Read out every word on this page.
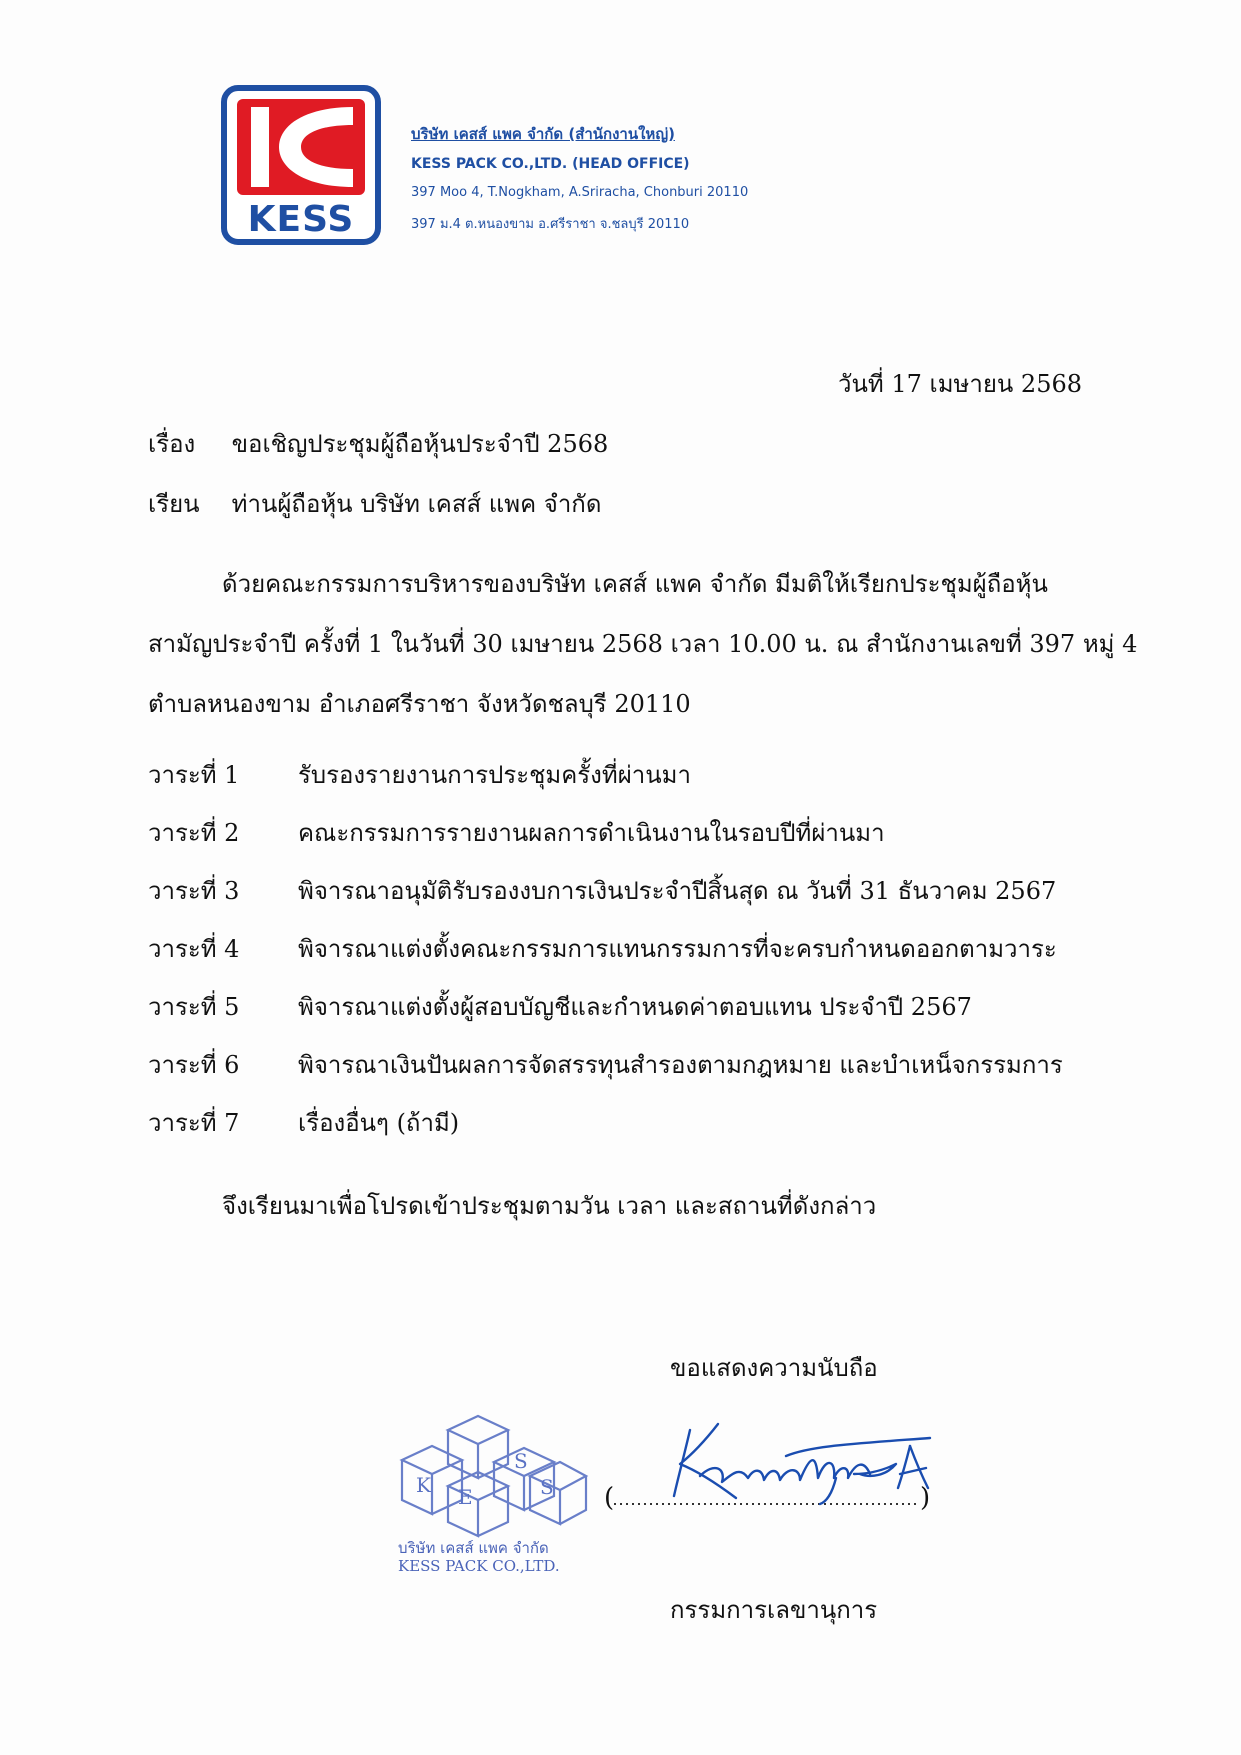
KESS
บริษัท เคสส์ แพค จำกัด (สำนักงานใหญ่)
KESS PACK CO.,LTD. (HEAD OFFICE)
397 Moo 4, T.Nogkham, A.Sriracha, Chonburi 20110
397 ม.4 ต.หนองขาม อ.ศรีราชา จ.ชลบุรี 20110
วันที่ 17 เมษายน 2568
เรื่อง ขอเชิญประชุมผู้ถือหุ้นประจำปี 2568
เรียน ท่านผู้ถือหุ้น บริษัท เคสส์ แพค จำกัด
ด้วยคณะกรรมการบริหารของบริษัท เคสส์ แพค จำกัด มีมติให้เรียกประชุมผู้ถือหุ้น
สามัญประจำปี ครั้งที่ 1 ในวันที่ 30 เมษายน 2568 เวลา 10.00 น. ณ สำนักงานเลขที่ 397 หมู่ 4
ตำบลหนองขาม อำเภอศรีราชา จังหวัดชลบุรี 20110
วาระที่ 1 รับรองรายงานการประชุมครั้งที่ผ่านมา
วาระที่ 2 คณะกรรมการรายงานผลการดำเนินงานในรอบปีที่ผ่านมา
วาระที่ 3 พิจารณาอนุมัติรับรองงบการเงินประจำปีสิ้นสุด ณ วันที่ 31 ธันวาคม 2567
วาระที่ 4 พิจารณาแต่งตั้งคณะกรรมการแทนกรรมการที่จะครบกำหนดออกตามวาระ
วาระที่ 5 พิจารณาแต่งตั้งผู้สอบบัญชีและกำหนดค่าตอบแทน ประจำปี 2567
วาระที่ 6 พิจารณาเงินปันผลการจัดสรรทุนสำรองตามกฎหมาย และบำเหน็จกรรมการ
วาระที่ 7 เรื่องอื่นๆ (ถ้ามี)
จึงเรียนมาเพื่อโปรดเข้าประชุมตามวัน เวลา และสถานที่ดังกล่าว
ขอแสดงความนับถือ
K E
S
S
บริษัท เคสส์ แพค จำกัด
KESS PACK CO.,LTD.
(	)
Kamonthip A.
กรรมการเลขานุการ
